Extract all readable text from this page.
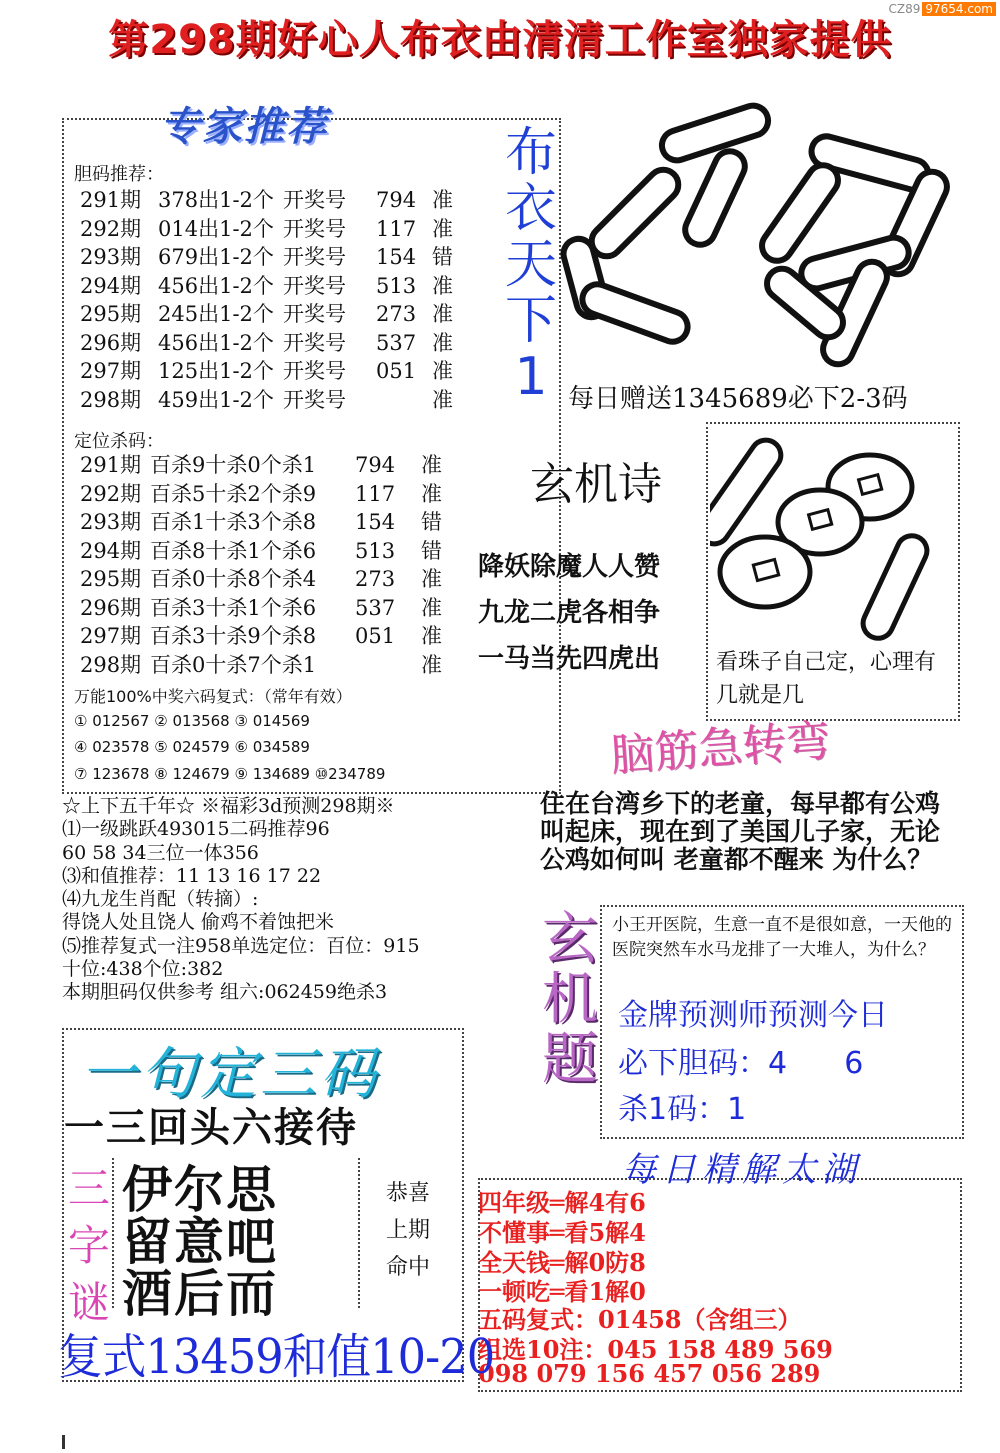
CZ89 97654.com
第298期好心人布衣由清清工作室独家提供
专家推荐
胆码推荐：
291期 378出1-2个 开奖号	794 准
292期 014出1-2个 开奖号	117 准
293期 679出1-2个 开奖号	154 错
294期 456出1-2个 开奖号	513 准
295期 245出1-2个 开奖号	273 准
296期 456出1-2个 开奖号	537 准
297期 125出1-2个 开奖号	051 准
298期 459出1-2个 开奖号	准
定位杀码：
291期 百杀9十杀0个杀1	794	准
292期 百杀5十杀2个杀9	117	准
293期 百杀1十杀3个杀8	154	错
294期 百杀8十杀1个杀6	513	错
295期 百杀0十杀8个杀4	273	准
296期 百杀3十杀1个杀6	537	准
297期 百杀3十杀9个杀8	051	准
298期 百杀0十杀7个杀1	准
万能100%中奖六码复式：（常年有效）
① 012567 ② 013568 ③ 014569
④ 023578 ⑤ 024579 ⑥ 034589
⑦ 123678 ⑧ 124679 ⑨ 134689 ⑩234789
☆上下五千年☆ ※福彩3d预测298期※
⑴一级跳跃493015二码推荐96
60 58 34三位一体356
⑶和值推荐：11 13 16 17 22
⑷九龙生肖配（转摘）:
得饶人处且饶人 偷鸡不着蚀把米
⑸推荐复式一注958单选定位：百位：915
十位:438个位:382
本期胆码仅供参考 组六:062459绝杀3
布
衣
天
下
1 每日赠送1345689必下2-3码
玄机诗
降妖除魔人人赞
九龙二虎各相争
一马当先四虎出	看珠子自己定，心理有几就是几
脑筋急转弯
住在台湾乡下的老童，每早都有公鸡叫起床，现在到了美国儿子家，无论公鸡如何叫 老童都不醒来 为什么？
玄
机
题
小王开医院，生意一直不是很如意，一天他的医院突然车水马龙排了一大堆人，为什么？
金牌预测师预测今日
必下胆码：4      6
杀1码：1
每日精解太湖
四年级═解4有6
不懂事═看5解4
全天钱═解0防8
一顿吃═看1解0
五码复式：01458（含组三）
组选10注：045 158 489 569
098 079 156 457 056 289
一句定三码
一三回头六接待
三
字
谜
伊尔思
留意吧
酒后而
恭喜
上期
命中
复式13459和值10-20
